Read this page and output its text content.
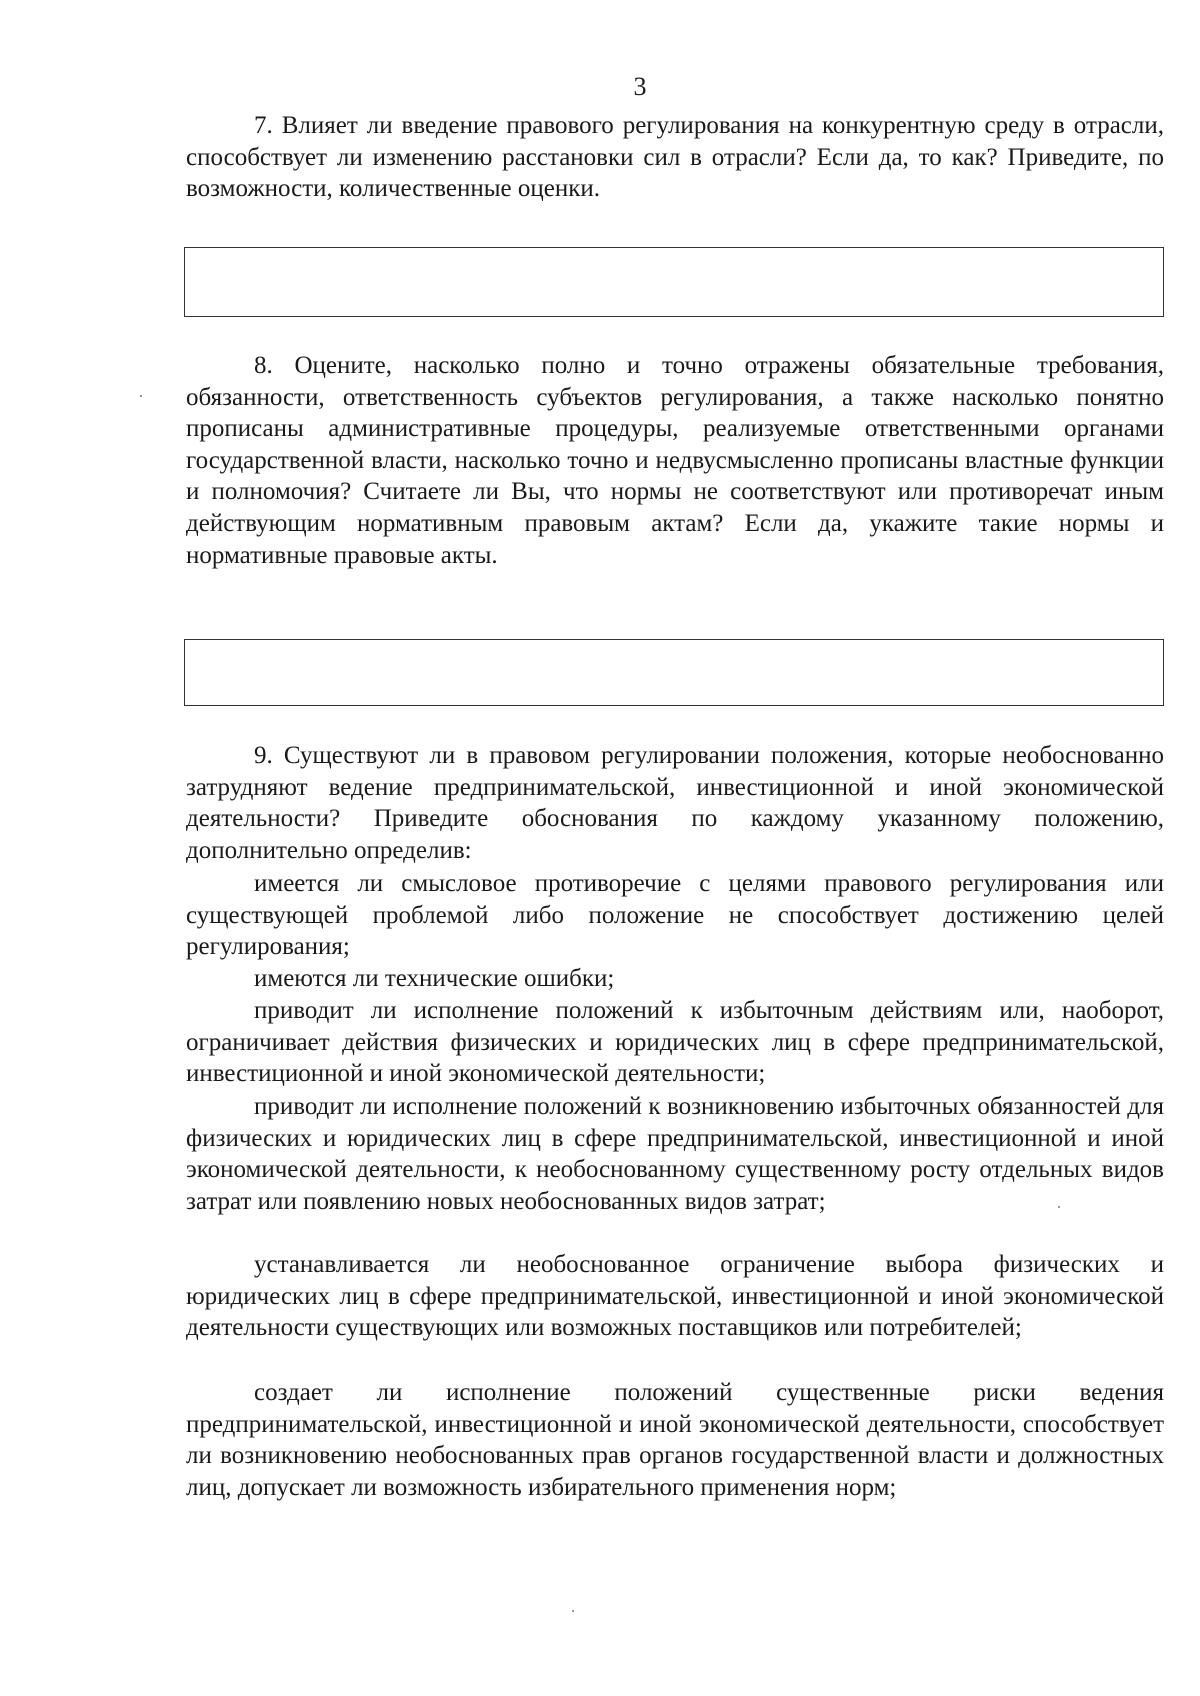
3

7. Влияет ли введение правового регулирования на конкурентную среду в отрасли, способствует ли изменению расстановки сил в отрасли? Если да, то как? Приведите, по возможности, количественные оценки.

8. Оцените, насколько полно и точно отражены обязательные требования, обязанности, ответственность субъектов регулирования, а также насколько понятно прописаны административные процедуры, реализуемые ответственными органами государственной власти, насколько точно и недвусмысленно прописаны властные функции и полномочия? Считаете ли Вы, что нормы не соответствуют или противоречат иным действующим нормативным правовым актам? Если да, укажите такие нормы и нормативные правовые акты.

9. Существуют ли в правовом регулировании положения, которые необоснованно затрудняют ведение предпринимательской, инвестиционной и иной экономической деятельности? Приведите обоснования по каждому указанному положению, дополнительно определив:

имеется ли смысловое противоречие с целями правового регулирования или существующей проблемой либо положение не способствует достижению целей регулирования;

имеются ли технические ошибки;

приводит ли исполнение положений к избыточным действиям или, наоборот, ограничивает действия физических и юридических лиц в сфере предпринимательской, инвестиционной и иной экономической деятельности;

приводит ли исполнение положений к возникновению избыточных обязанностей для физических и юридических лиц в сфере предпринимательской, инвестиционной и иной экономической деятельности, к необоснованному существенному росту отдельных видов затрат или появлению новых необоснованных видов затрат;

устанавливается ли необоснованное ограничение выбора физических и юридических лиц в сфере предпринимательской, инвестиционной и иной экономической деятельности существующих или возможных поставщиков или потребителей;

создает ли исполнение положений существенные риски ведения предпринимательской, инвестиционной и иной экономической деятельности, способствует ли возникновению необоснованных прав органов государственной власти и должностных лиц, допускает ли возможность избирательного применения норм;
